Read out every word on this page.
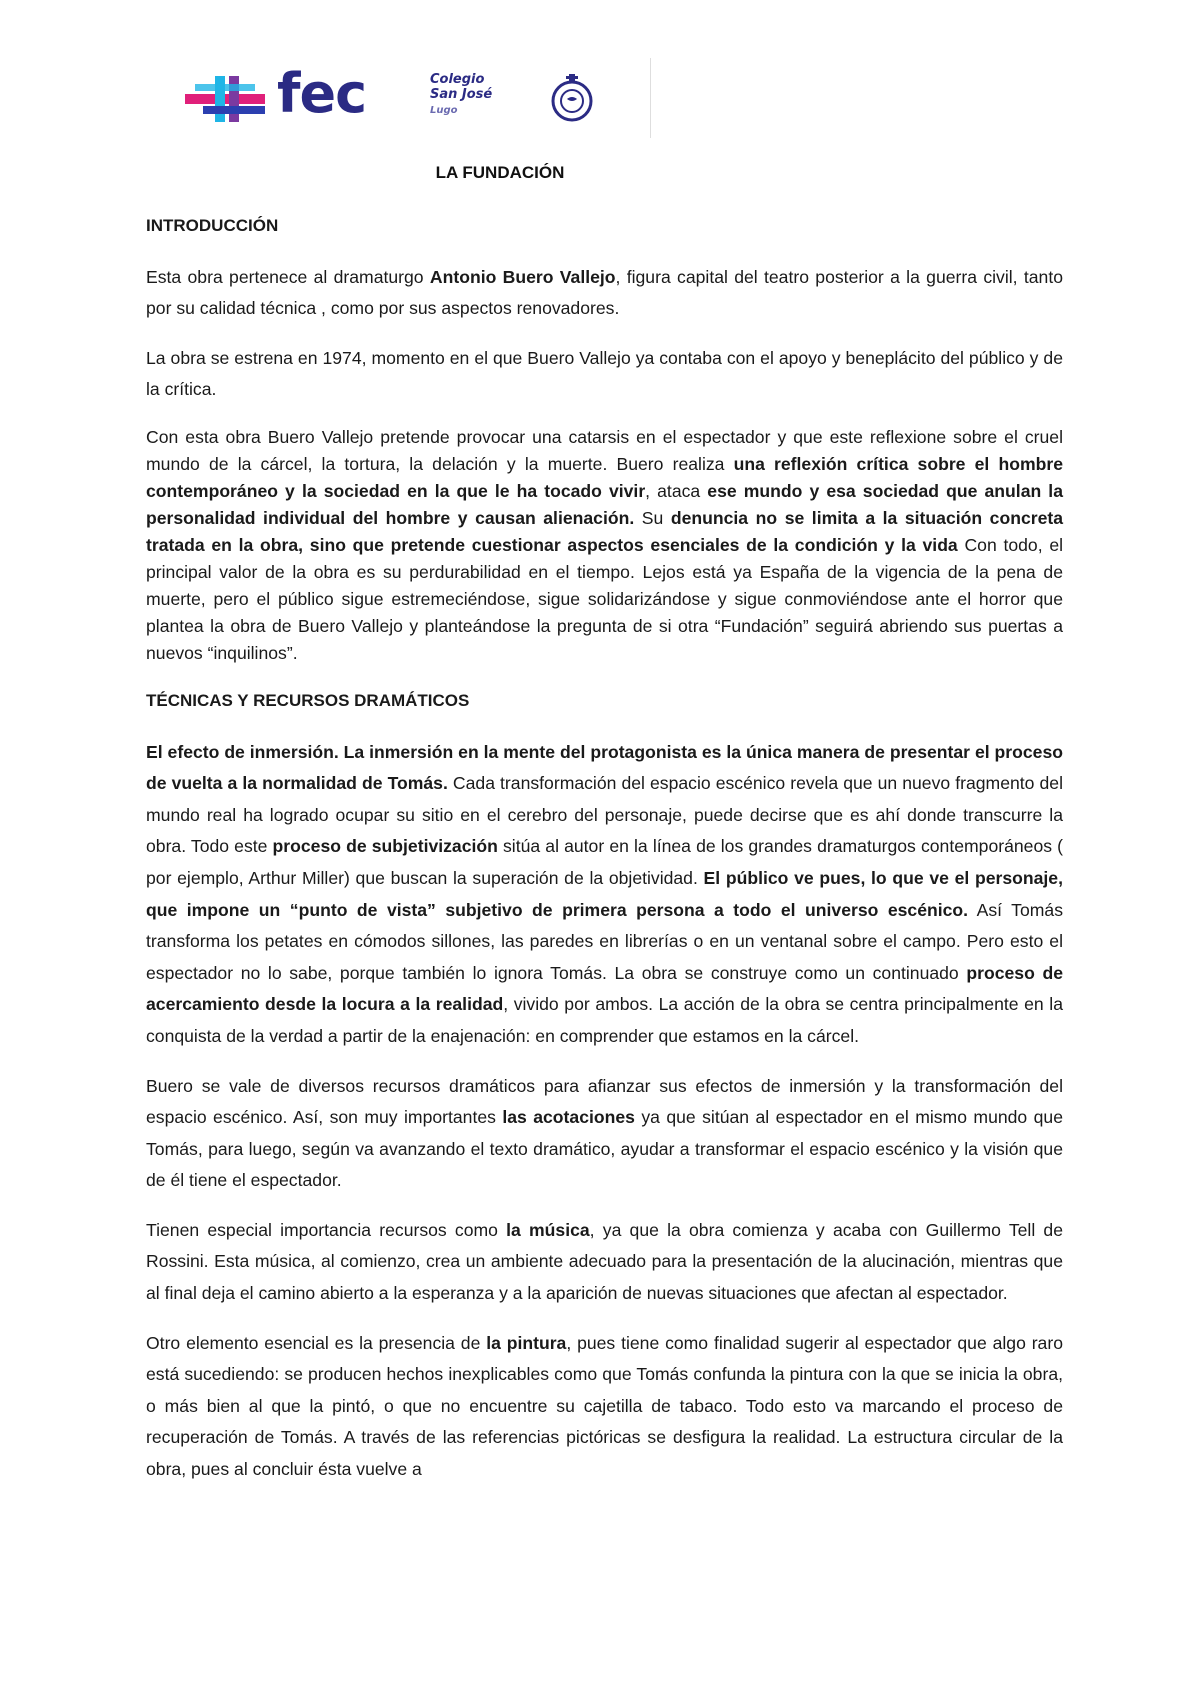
fec	Colegio
San José
Lugo
LA FUNDACIÓN
INTRODUCCIÓN

Esta obra pertenece al dramaturgo Antonio Buero Vallejo, figura capital del teatro posterior a la guerra civil, tanto por su calidad técnica , como por sus aspectos renovadores.

La obra se estrena en 1974, momento en el que Buero Vallejo ya contaba con el apoyo y beneplácito del público y de la crítica.

Con esta obra Buero Vallejo pretende provocar una catarsis en el espectador y que este reflexione sobre el cruel mundo de la cárcel, la tortura, la delación y la muerte. Buero realiza una reflexión crítica sobre el hombre contemporáneo y la sociedad en la que le ha tocado vivir, ataca ese mundo y esa sociedad que anulan la personalidad individual del hombre y causan alienación. Su denuncia no se limita a la situación concreta tratada en la obra, sino que pretende cuestionar aspectos esenciales de la condición y la vida Con todo, el principal valor de la obra es su perdurabilidad en el tiempo. Lejos está ya España de la vigencia de la pena de muerte, pero el público sigue estremeciéndose, sigue solidarizándose y sigue conmoviéndose ante el horror que plantea la obra de Buero Vallejo y planteándose la pregunta de si otra “Fundación” seguirá abriendo sus puertas a nuevos “inquilinos”.

TÉCNICAS Y RECURSOS DRAMÁTICOS

El efecto de inmersión. La inmersión en la mente del protagonista es la única manera de presentar el proceso de vuelta a la normalidad de Tomás. Cada transformación del espacio escénico revela que un nuevo fragmento del mundo real ha logrado ocupar su sitio en el cerebro del personaje, puede decirse que es ahí donde transcurre la obra. Todo este proceso de subjetivización sitúa al autor en la línea de los grandes dramaturgos contemporáneos ( por ejemplo, Arthur Miller) que buscan la superación de la objetividad. El público ve pues, lo que ve el personaje, que impone un “punto de vista” subjetivo de primera persona a todo el universo escénico. Así Tomás transforma los petates en cómodos sillones, las paredes en librerías o en un ventanal sobre el campo. Pero esto el espectador no lo sabe, porque también lo ignora Tomás. La obra se construye como un continuado proceso de acercamiento desde la locura a la realidad, vivido por ambos. La acción de la obra se centra principalmente en la conquista de la verdad a partir de la enajenación: en comprender que estamos en la cárcel.

Buero se vale de diversos recursos dramáticos para afianzar sus efectos de inmersión y la transformación del espacio escénico. Así, son muy importantes las acotaciones ya que sitúan al espectador en el mismo mundo que Tomás, para luego, según va avanzando el texto dramático, ayudar a transformar el espacio escénico y la visión que de él tiene el espectador.

Tienen especial importancia recursos como la música, ya que la obra comienza y acaba con Guillermo Tell de Rossini. Esta música, al comienzo, crea un ambiente adecuado para la presentación de la alucinación, mientras que al final deja el camino abierto a la esperanza y a la aparición de nuevas situaciones que afectan al espectador.

Otro elemento esencial es la presencia de la pintura, pues tiene como finalidad sugerir al espectador que algo raro está sucediendo: se producen hechos inexplicables como que Tomás confunda la pintura con la que se inicia la obra, o más bien al que la pintó, o que no encuentre su cajetilla de tabaco. Todo esto va marcando el proceso de recuperación de Tomás. A través de las referencias pictóricas se desfigura la realidad. La estructura circular de la obra, pues al concluir ésta vuelve a
